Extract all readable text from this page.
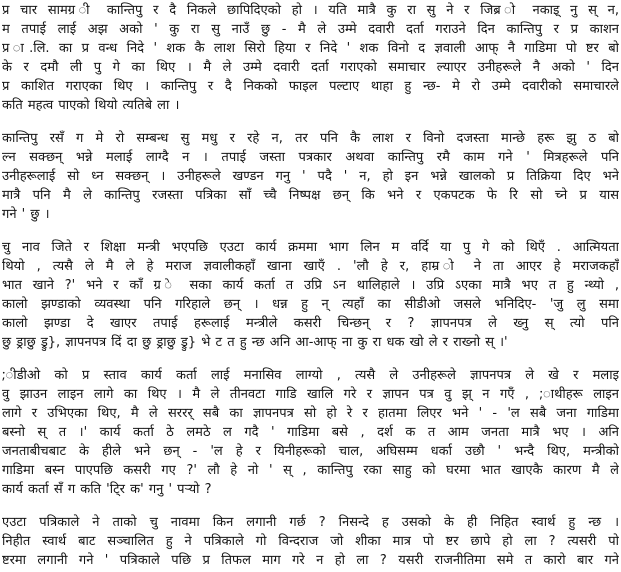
प्र चार सामग्र ी कान्तिपु र दै निकले छापिदिएको हो । यति मात्रै कु रा सु ने र जिब्र ो नकाइ् नु स् न,
म तपाई लाई अझ अको ' कु रा सु नाउँ छु - मै ले उम्मे दवारी दर्ता गराउने दिन कान्तिपु र प्र काशन
प्र ा.लि. का प्र वन्ध निदे ' शक कै लाश सिरो हिया र निदे ' शक विनो द ज्ञवाली आफ् नै गाडिमा पो ष्टर बो
के र दमौ ली पु गे का थिए । मै ले उम्मे दवारी दर्ता गराएको समाचार ल्याएर उनीहरूले नै अको ' दिन
प्र काशित गराएका थिए । कान्तिपु र दै निकको फाइल पल्टाए थाहा हु न्छ- मे रो उम्मे दवारीको समाचारले
कति महत्व पाएको थियो त्यतिबे ला ।
कान्तिपु रसँ ग मे रो सम्बन्ध सु मधु र रहे न, तर पनि कै लाश र विनो दजस्ता मान्छे हरू झु ठ बो
ल्न सक्छन् भन्ने मलाई लाग्दै न । तपाई जस्ता पत्रकार अथवा कान्तिपु रमै काम गने ' मित्रहरूले पनि
उनीहरूलाई सो ध्न सक्छन् । उनीहरूले खण्डन गनु ' पदै ' न, हो इन भन्ने खालको प्र तिक्रिया दिए भने
मात्रै पनि मै ले कान्तिपु रजस्ता पत्रिका साँ च्चै निष्पक्ष छन् कि भने र एकपटक फे रि सो च्ने प्र यास
गने ' छु ।
चु नाव जिते र शिक्षा मन्त्री भएपछि एउटा कार्य क्रममा भाग लिन म वर्दि या पु गे को थिएँ . आत्मियता
थियो , त्यसै ले मै ले हे मराज ज्ञवालीकहाँ खाना खाएँ . 'लौ हे र, हाम्र ो ने ता आएर हे मराजकहाँ
भात खाने ?' भने र काँ ग्र े सका कार्य कर्ता त उप्रि ऽन थालिहाले । उप्रि ऽएका मात्रै भए त हु न्थ्यो ,
कालो झण्डाको व्यवस्था पनि गरिहाले छन् । धन्न हु न् त्यहाँ का सीडीओ जसले भनिदिए- 'जु लु समा
कालो झण्डा दे खाएर तपाई हरूलाई मन्त्रीले कसरी चिन्छन् र ? ज्ञापनपत्र ले ख्नु स् त्यो पनि
छु ड्राछु ड्रु}, ज्ञापनपत्र दिं दा छु ड्राछु ड्रु} भे ट त हु न्छ अनि आ-आफ् ना कु रा धक खो ले र राख्नो स् ।'
;ीडीओ को प्र स्ताव कार्य कर्ता लाई मनासिव लाग्यो , त्यसै ले उनीहरूले ज्ञापनपत्र ले खे र मलाइ
वु झाउन लाइन लागे का थिए । मै ले तीनवटा गाडि खालि गरे र ज्ञापन पत्र वु झ् न गएँ , ;ाथीहरू लाइन
लागे र उभिएका थिए, मै ले सररर् सबै का ज्ञापनपत्र सो हो रे र हातमा लिएर भने ' - 'ल सबै जना गाडिमा
बस्नो स् त ।' कार्य कर्ता ठे लमठे ल गदै ' गाडिमा बसे , दर्श क त आम जनता मात्रै भए । अनि
जनताबीचबाट के हीले भने छन् - 'ल हे र यिनीहरूको चाल, अघिसम्म धर्का उछौ ' भन्दै थिए, मन्त्रीको
गाडिमा बस्न पाएपछि कसरी गए ?' लौ हे नो ' स् , कान्तिपु रका साहु को घरमा भात खाएकै कारण मै ले
कार्य कर्ता सँ ग कति 'टि्र क' गनु ' पऱ्यो ?
एउटा पत्रिकाले ने ताको चु नावमा किन लगानी गर्छ ? निसन्दे ह उसको के ही निहित स्वार्थ हु न्छ ।
निहीत स्वार्थ बाट सञ्चालित हु ने पत्रिकाले गो विन्दराज जो शीका मात्र पो ष्टर छापे हो ला ? त्यसरी पो
ष्टरमा लगानी गने ' पत्रिकाले पछि प्र तिफल माग गरे न हो ला ? यसरी राजनीतिमा समे त कारो बार गने
